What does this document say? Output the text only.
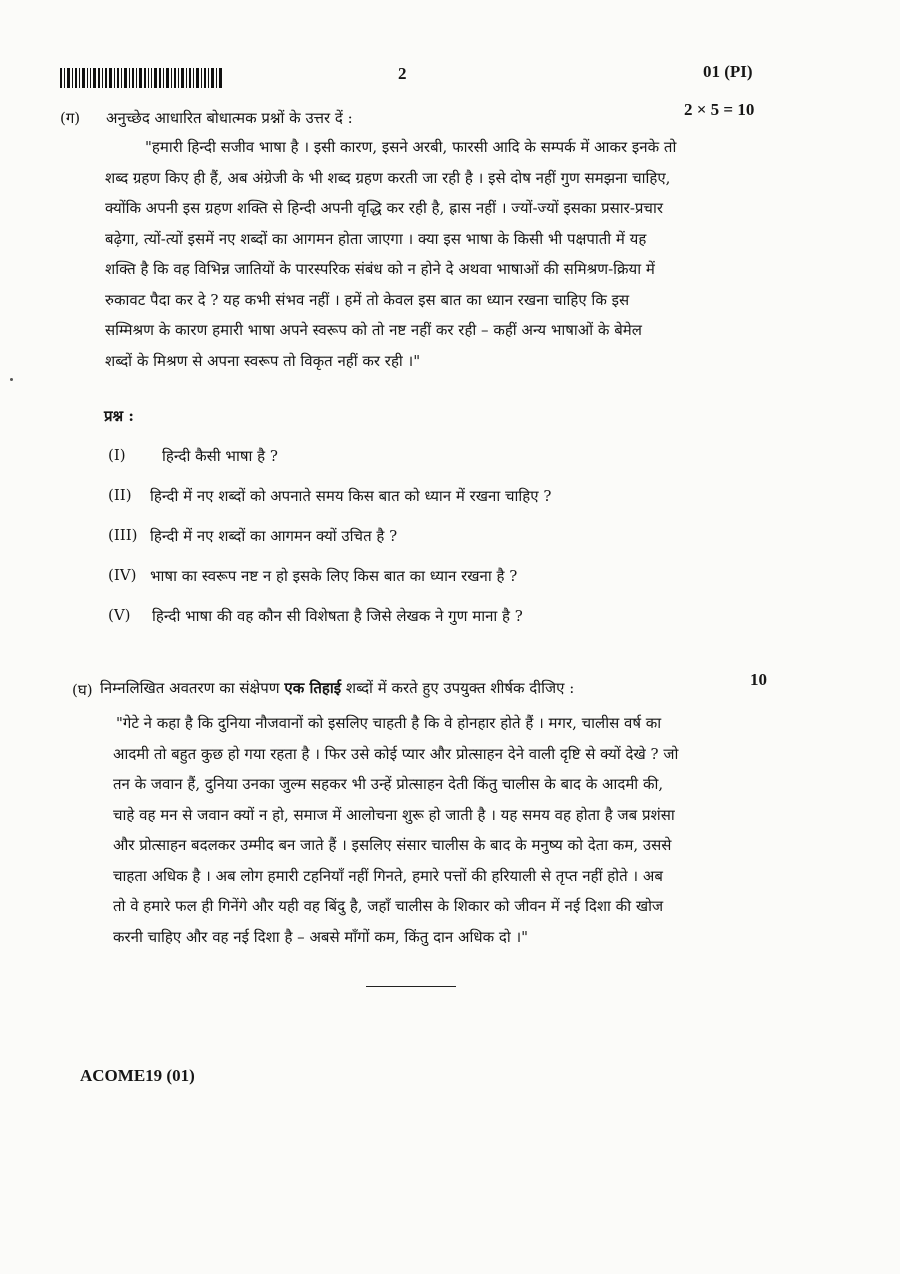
2	01 (PI)
(ग) अनुच्छेद आधारित बोधात्मक प्रश्नों के उत्तर दें :	2 × 5 = 10

"हमारी हिन्दी सजीव भाषा है । इसी कारण, इसने अरबी, फारसी आदि के सम्पर्क में आकर इनके तो

शब्द ग्रहण किए ही हैं, अब अंग्रेजी के भी शब्द ग्रहण करती जा रही है । इसे दोष नहीं गुण समझना चाहिए,

क्योंकि अपनी इस ग्रहण शक्ति से हिन्दी अपनी वृद्धि कर रही है, ह्रास नहीं । ज्यों-ज्यों इसका प्रसार-प्रचार

बढ़ेगा, त्यों-त्यों इसमें नए शब्दों का आगमन होता जाएगा । क्या इस भाषा के किसी भी पक्षपाती में यह

शक्ति है कि वह विभिन्न जातियों के पारस्परिक संबंध को न होने दे अथवा भाषाओं की समिश्रण-क्रिया में

रुकावट पैदा कर दे ? यह कभी संभव नहीं । हमें तो केवल इस बात का ध्यान रखना चाहिए कि इस

सम्मिश्रण के कारण हमारी भाषा अपने स्वरूप को तो नष्ट नहीं कर रही – कहीं अन्य भाषाओं के बेमेल

शब्दों के मिश्रण से अपना स्वरूप तो विकृत नहीं कर रही ।"

प्रश्न :
(I) हिन्दी कैसी भाषा है ?
(II) हिन्दी में नए शब्दों को अपनाते समय किस बात को ध्यान में रखना चाहिए ?
(III) हिन्दी में नए शब्दों का आगमन क्यों उचित है ?
(IV) भाषा का स्वरूप नष्ट न हो इसके लिए किस बात का ध्यान रखना है ?
(V) हिन्दी भाषा की वह कौन सी विशेषता है जिसे लेखक ने गुण माना है ?
(घ) निम्नलिखित अवतरण का संक्षेपण एक तिहाई शब्दों में करते हुए उपयुक्त शीर्षक दीजिए :	10

"गेटे ने कहा है कि दुनिया नौजवानों को इसलिए चाहती है कि वे होनहार होते हैं । मगर, चालीस वर्ष का

आदमी तो बहुत कुछ हो गया रहता है । फिर उसे कोई प्यार और प्रोत्साहन देने वाली दृष्टि से क्यों देखे ? जो

तन के जवान हैं, दुनिया उनका जुल्म सहकर भी उन्हें प्रोत्साहन देती किंतु चालीस के बाद के आदमी की,

चाहे वह मन से जवान क्यों न हो, समाज में आलोचना शुरू हो जाती है । यह समय वह होता है जब प्रशंसा

और प्रोत्साहन बदलकर उम्मीद बन जाते हैं । इसलिए संसार चालीस के बाद के मनुष्य को देता कम, उससे

चाहता अधिक है । अब लोग हमारी टहनियाँ नहीं गिनते, हमारे पत्तों की हरियाली से तृप्त नहीं होते । अब

तो वे हमारे फल ही गिनेंगे और यही वह बिंदु है, जहाँ चालीस के शिकार को जीवन में नई दिशा की खोज

करनी चाहिए और वह नई दिशा है – अबसे माँगों कम, किंतु दान अधिक दो ।"

ACOME19 (01)
